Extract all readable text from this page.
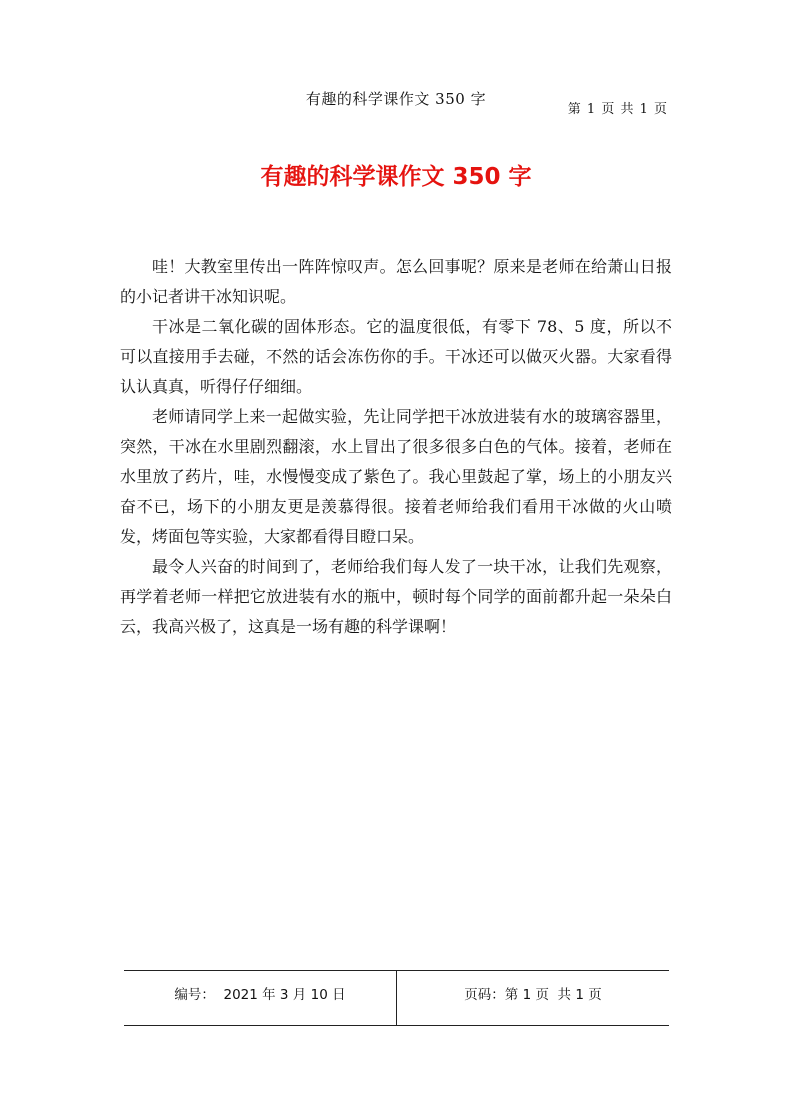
有趣的科学课作文 350 字
第 1 页 共 1 页
有趣的科学课作文 350 字

哇！大教室里传出一阵阵惊叹声。怎么回事呢？原来是老师在给萧山日报的小记者讲干冰知识呢。

干冰是二氧化碳的固体形态。它的温度很低，有零下 78、5 度，所以不可以直接用手去碰，不然的话会冻伤你的手。干冰还可以做灭火器。大家看得认认真真，听得仔仔细细。

老师请同学上来一起做实验，先让同学把干冰放进装有水的玻璃容器里，突然，干冰在水里剧烈翻滚，水上冒出了很多很多白色的气体。接着，老师在水里放了药片，哇，水慢慢变成了紫色了。我心里鼓起了掌，场上的小朋友兴奋不已，场下的小朋友更是羡慕得很。接着老师给我们看用干冰做的火山喷发，烤面包等实验，大家都看得目瞪口呆。

最令人兴奋的时间到了，老师给我们每人发了一块干冰，让我们先观察，再学着老师一样把它放进装有水的瓶中，顿时每个同学的面前都升起一朵朵白云，我高兴极了，这真是一场有趣的科学课啊！

编号：  2021 年 3 月 10 日	页码：第 1 页  共 1 页
